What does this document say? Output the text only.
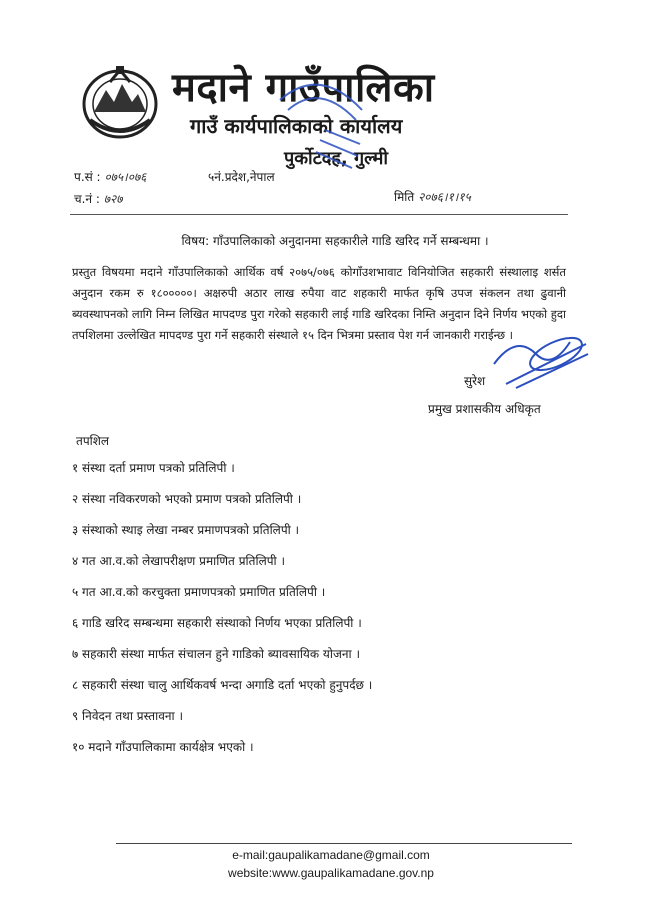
मदाने गाउँपालिका
गाउँ कार्यपालिकाको कार्यालय
पुर्कोटदह, गुल्मी
प.सं : ०७५।०७६	५नं.प्रदेश,नेपाल
च.नं : ७२७	मिति २०७६।१।१५
विषय: गाँउपालिकाको अनुदानमा सहकारीले गाडि खरिद गर्ने सम्बन्धमा ।
प्रस्तुत विषयमा मदाने गाँउपालिकाको आर्थिक वर्ष २०७५/०७६ कोगाँउशभावाट विनियोजित सहकारी संस्थालाइ शर्सत अनुदान रकम रु १८०००००। अक्षरुपी अठार लाख रुपैया वाट शहकारी मार्फत कृषि उपज संकलन तथा ढुवानी ब्यवस्थापनको लागि निम्न लिखित मापदण्ड पुरा गरेको सहकारी लाई गाडि खरिदका निम्ति अनुदान दिने निर्णय भएको हुदा तपशिलमा उल्लेखित मापदण्ड पुरा गर्ने सहकारी संस्थाले १५ दिन भित्रमा प्रस्ताव पेश गर्न जानकारी गराईन्छ ।
सुरेश
प्रमुख प्रशासकीय अधिकृत
तपशिल
१ संस्था दर्ता प्रमाण पत्रको प्रतिलिपी ।
२ संस्था नविकरणको भएको प्रमाण पत्रको प्रतिलिपी ।
३ संस्थाको स्थाइ लेखा नम्बर प्रमाणपत्रको प्रतिलिपी ।
४ गत आ.व.को लेखापरीक्षण प्रमाणित प्रतिलिपी ।
५ गत आ.व.को करचुक्ता प्रमाणपत्रको प्रमाणित प्रतिलिपी ।
६ गाडि खरिद सम्बन्धमा सहकारी संस्थाको निर्णय भएका प्रतिलिपी ।
७ सहकारी संस्था मार्फत संचालन हुने गाडिको ब्यावसायिक योजना ।
८ सहकारी संस्था चालु आर्थिकवर्ष भन्दा अगाडि दर्ता भएको हुनुपर्दछ ।
९ निवेदन तथा प्रस्तावना ।
१० मदाने गाँउपालिकामा कार्यक्षेत्र भएको ।
e-mail:gaupalikamadane@gmail.com
website:www.gaupalikamadane.gov.np
